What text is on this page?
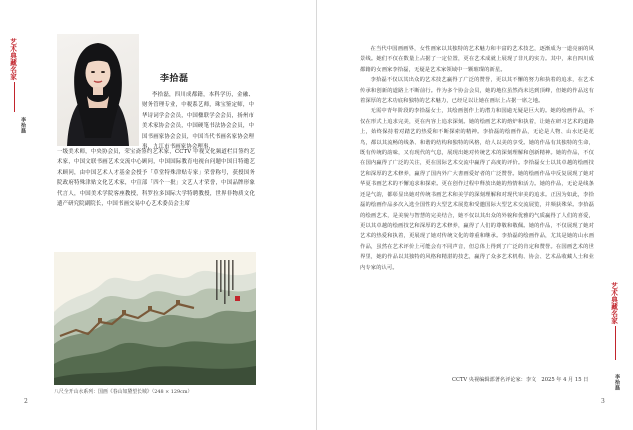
艺术典藏名家
李拾磊
李拾磊

李拾磊，四川成都籍，本科学历，金融、财务管理专业，中税系艺师，珠宝鉴定师，中华诗词学会会员，中国楹联学会会员，扬州市美术家协会会员，中国硬笔书法协会会员，中国书画家协会会员，中国当代书画名家协会理事，九江市书画家协会理事，

一级美术师，中央协会员，荣宝斋签约艺术家，CCTV 中视文化频道栏目签约艺术家，中国文联书画艺术交流中心顾问，中国国际教育电视台问题中国日特邀艺术顾问，由中国艺术人才基金会授予「草堂特殊津贴专家」荣誉称号，获授国务院政府特殊津贴文化艺术家，中宣部「四个一批」文艺人才荣誉，中国品牌形象代言人，中国美术学院客座教授，科罗拉多国际大学特聘教授，世界非物质文化遗产研究院副院长，中国书画交易中心艺术委员会主席

八尺全开山水系列：国画《春山如黛望长城》（248 × 129cm）
2

在当代中国画画界，女性画家以其独特的艺术魅力和丰富的艺术技艺，逐渐成为一道亮丽的风景线。她们不仅在数量上占据了一定位置，更在艺术成就上展现了非凡的实力。其中，来自四川成都籍的女画家李拾磊，无疑是艺术家领域中一颗璀璨的新星。

李拾磊不仅以其出众的艺术技艺赢得了广泛的赞誉，更以其不懈的努力和执着的追求，在艺术传承和创新的道路上不断前行。作为多个协会会员，她的地位虽然尚未达到顶峰，但她的作品这有着深厚的艺术功底和独特的艺术魅力，已经足以让她在画坛上占据一席之地。

无需中青年阶段的李拾磊女士，其绘画创作上的潜力和国逾无疑是巨大的。她的绘画作品，不仅在形式上追求完美，更在内容上追求深刻。她的绘画艺术的熔炉和执着，让她在研习艺术的道路上，始终保持着对踏艺的热爱和不断探索的精神。李拾磊的绘画作品，无论是人物、山水还是花鸟，都以其流畅的线条、和谐的结构和独特的风格，给人以美的享受。她的作品有其独特的生命，既有传统的韵味，又有现代的气息，展现出她对传统艺术的深刻理解和创新精神。她的作品，不仅在国内赢得了广泛的关注，更在国际艺术交流中赢得了高度的评价。李拾磊女士以其卓越的绘画技艺和深厚的艺术修养，赢得了国内外广大書画爱好者的广泛赞誉。她的绘画作品中反复展现了她对华夏书画艺术的不懈追求和探索。更在创作过程中释放出她的热情和活力。她的作品，无论是线条还是气韵，都彰显出她对传统书画艺术和美学的深刻理解和对现代审美的追求。正因为如此，李拾磊的绘画作品多次入选全国性的大型艺术展览和受邀国际大型艺术交流展览，并频获殊荣。李拾磊的绘画艺术，是美貌与智慧的完美结合，她不仅以其出众的外貌和优雅的气质赢得了人们的喜爱，更以其卓越的绘画技艺和深厚的艺术修养，赢得了人们的尊敬和敬佩。她的作品，不仅展现了她对艺术的热爱和执着，更展现了她对传统文化的尊重和继承。李拾磊的绘画作品，尤其是她的山水画作品，虽然在艺术评价上可能会有不同声音，但总体上得到了广泛的肯定和赞誉。在国画艺术的世界里，她的作品以其独特的风格和精湛的技艺，赢得了众多艺术机构、协会、艺术品收藏人士和业内专家的认可。

CCTV 央视编辑部著名评论家：李文　2025 年 4 月 15 日
3
艺术典藏名家
李拾磊
